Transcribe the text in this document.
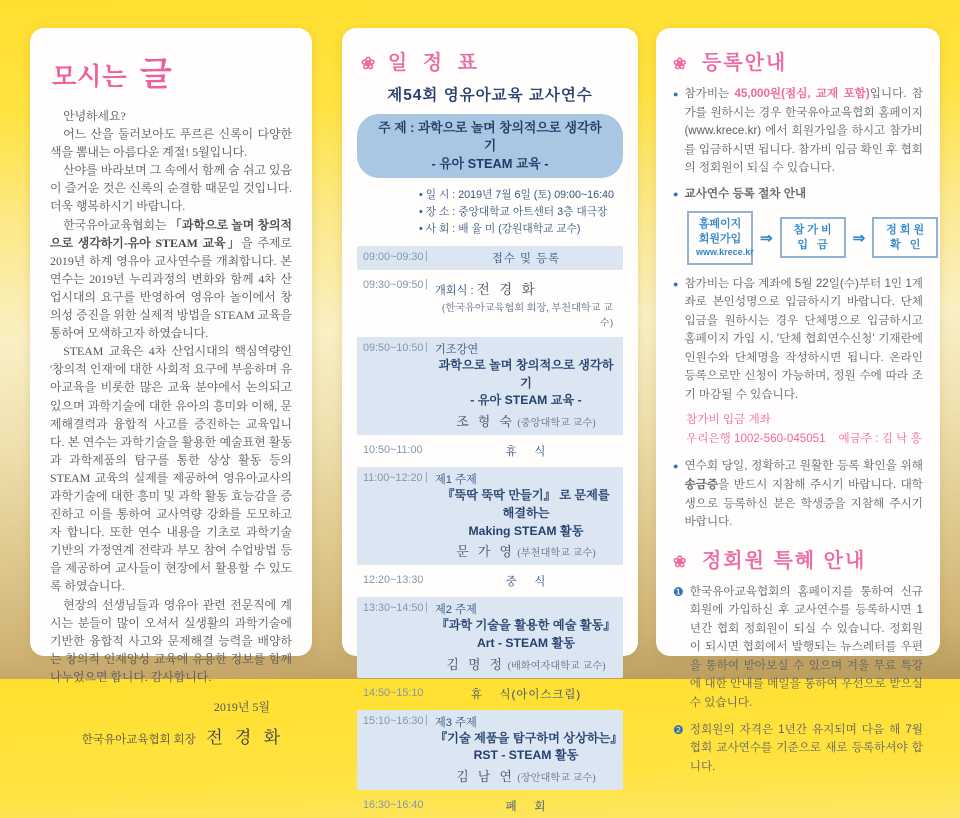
모시는 글

안녕하세요?

어느 산을 둘러보아도 푸르른 신록이 다양한 색을 뽐내는 아름다운 계절! 5월입니다.

산야를 바라보며 그 속에서 함께 숨 쉬고 있음이 즐거운 것은 신록의 순결함 때문일 것입니다. 더욱 행복하시기 바랍니다.

한국유아교육협회는 「과학으로 놀며 창의적으로 생각하기-유아 STEAM 교육」을 주제로 2019년 하계 영유아 교사연수를 개최합니다. 본 연수는 2019년 누리과정의 변화와 함께 4차 산업시대의 요구를 반영하여 영유아 놀이에서 창의성 증진을 위한 실제적 방법을 STEAM 교육을 통하여 모색하고자 하였습니다.

STEAM 교육은 4차 산업시대의 핵심역량인 '창의적 인재'에 대한 사회적 요구에 부응하며 유아교육을 비롯한 많은 교육 분야에서 논의되고있으며 과학기술에 대한 유아의 흥미와 이해, 문제해결력과 융합적 사고를 증진하는 교육입니다. 본 연수는 과학기술을 활용한 예술표현 활동과 과학제품의 탐구를 통한 상상 활동 등의 STEAM 교육의 실제를 제공하여 영유아교사의 과학기술에 대한 흥미 및 과학 활동 효능감을 증진하고 이를 통하여 교사역량 강화를 도모하고자 합니다. 또한 연수 내용을 기초로 과학기술 기반의 가정연계 전략과 부모 참여 수업방법 등을 제공하여 교사들이 현장에서 활용할 수 있도록 하였습니다.

현장의 선생님들과 영유아 관련 전문직에 계시는 분들이 많이 오셔서 실생활의 과학기술에 기반한 융합적 사고와 문제해결 능력을 배양하는 창의적 인재양성 교육에 유용한 정보를 함께 나누었으면 합니다. 감사합니다.

2019년 5월
한국유아교육협회 회장 전 경 화
❀ 일 정 표
제54회 영유아교육 교사연수
주 제 : 과학으로 놀며 창의적으로 생각하기
- 유아 STEAM 교육 -
• 일 시 : 2019년 7월 6일 (토) 09:00~16:40
• 장 소 : 중앙대학교 아트센터 3층 대극장
• 사 회 : 배 율 미 (강원대학교 교수)
09:00~09:30 |	접수 및 등록
09:30~09:50 |
개회식 : 전 경 화
(한국유아교육협회 회장, 부천대학교 교수)
09:50~10:50 | 기조강연
과학으로 놀며 창의적으로 생각하기
- 유아 STEAM 교육 -
조 형 숙 (중앙대학교 교수)
10:50~11:00	휴    식
11:00~12:20 | 제1 주제
『뚝딱 뚝딱 만들기』 로 문제를 해결하는
Making STEAM 활동
문 가 영 (부천대학교 교수)
12:20~13:30	중    식
13:30~14:50 | 제2 주제
『과학 기술을 활용한 예술 활동』
Art - STEAM 활동
김 명 정 (배화여자대학교 교수)
14:50~15:10	휴    식(아이스크림)
15:10~16:30 | 제3 주제
『기술 제품을 탐구하며 상상하는』
RST - STEAM 활동
김 남 연 (장안대학교 교수)
16:30~16:40	폐    회
❀ 등록안내
● 참가비는 45,000원(점심, 교재 포함)입니다. 참가를 원하시는 경우 한국유아교육협회 홈페이지(www.krece.kr) 에서 회원가입을 하시고 참가비를 입금하시면 됩니다. 참가비 입금 확인 후 협회의 정회원이 되실 수 있습니다.
● 교사연수 등록 절차 안내
홈페이지
회원가입
www.krece.kr
⇒	참 가 비
입   금	⇒	정 회 원
확   인
● 참가비는 다음 계좌에 5월 22일(수)부터 1인 1계좌로 본인성명으로 입금하시기 바랍니다. 단체입금을 원하시는 경우 단체명으로 입금하시고 홈페이지 가입 시, '단체 협회연수신청' 기재란에 인원수와 단체명을 작성하시면 됩니다. 온라인 등록으로만 신청이 가능하며, 정원 수에 따라 조기 마감될 수 있습니다.
참가비 입금 계좌
우리은행 1002-560-045051    예금주 : 김 낙 흥
● 연수회 당일, 정확하고 원활한 등록 확인을 위해 송금증을 반드시 지참해 주시기 바랍니다. 대학생으로 등록하신 분은 학생증을 지참해 주시기 바랍니다.
❀ 정회원 특혜 안내
❶ 한국유아교육협회의 홈페이지를 통하여 신규회원에 가입하신 후 교사연수를 등록하시면 1년간 협회 정회원이 되실 수 있습니다. 정회원이 되시면 협회에서 발행되는 뉴스레터를 우편을 통하여 받아보실 수 있으며 겨울 무료 특강에 대한 안내를 메일을 통하여 우선으로 받으실 수 있습니다.
❷ 정회원의 자격은 1년간 유지되며 다음 해 7월 협회 교사연수를 기준으로 새로 등록하셔야 합니다.
